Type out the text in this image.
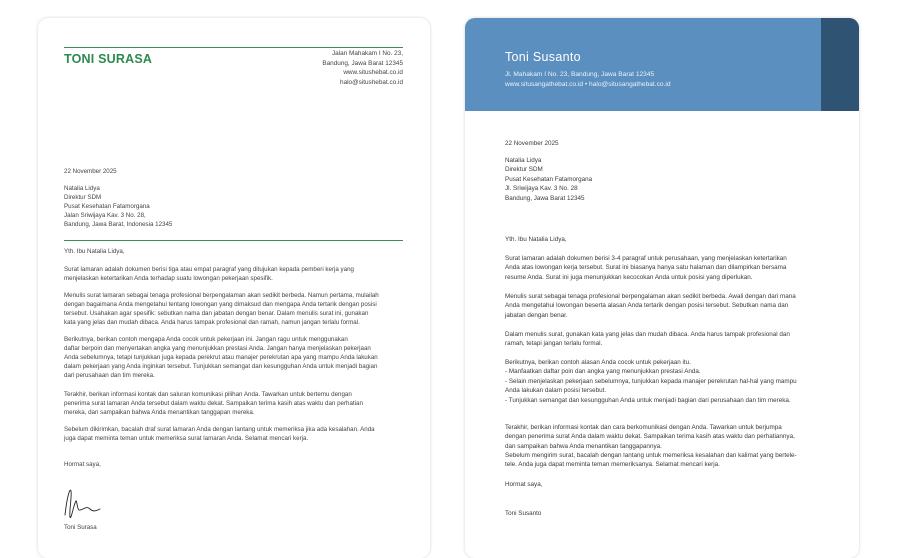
TONI SURASA	Jalan Mahakam I No. 23,
Bandung, Jawa Barat 12345
www.situshebat.co.id
halo@situshebat.co.id
22 November 2025
Natalia Lidya
Direktur SDM
Pusat Kesehatan Fatamorgana
Jalan Sriwijaya Kav. 3 No. 28,
Bandung, Jawa Barat, Indonesia 12345
Yth. Ibu Natalia Lidya,
Surat lamaran adalah dokumen berisi tiga atau empat paragraf yang ditujukan kepada pemberi kerja yang
menjelaskan ketertarikan Anda terhadap suatu lowongan pekerjaan spesifik.
Menulis surat lamaran sebagai tenaga profesional berpengalaman akan sedikit berbeda. Namun pertama, mulailah
dengan bagaimana Anda mengetahui tentang lowongan yang dimaksud dan mengapa Anda tertarik dengan posisi
tersebut. Usahakan agar spesifik: sebutkan nama dan jabatan dengan benar. Dalam menulis surat ini, gunakan
kata yang jelas dan mudah dibaca. Anda harus tampak profesional dan ramah, namun jangan terlalu formal.
Berikutnya, berikan contoh mengapa Anda cocok untuk pekerjaan ini. Jangan ragu untuk menggunakan
daftar berpoin dan menyertakan angka yang menunjukkan prestasi Anda. Jangan hanya menjelaskan pekerjaan
Anda sebelumnya, tetapi tunjukkan juga kepada perekrut atau manajer perekrutan apa yang mampu Anda lakukan
dalam pekerjaan yang Anda inginkan tersebut. Tunjukkan semangat dan kesungguhan Anda untuk menjadi bagian
dari perusahaan dan tim mereka.
Terakhir, berikan informasi kontak dan saluran komunikasi pilihan Anda. Tawarkan untuk bertemu dengan
penerima surat lamaran Anda tersebut dalam waktu dekat. Sampaikan terima kasih atas waktu dan perhatian
mereka, dan sampaikan bahwa Anda menantikan tanggapan mereka.
Sebelum dikirimkan, bacalah draf surat lamaran Anda dengan lantang untuk memeriksa jika ada kesalahan. Anda
juga dapat meminta teman untuk memeriksa surat lamaran Anda. Selamat mencari kerja.
Hormat saya,
Toni Surasa
Toni Susanto
Jl. Mahakam I No. 23, Bandung, Jawa Barat 12345
www.situsangathebat.co.id • halo@situsangathebat.co.id
22 November 2025
Natalia Lidya
Direktur SDM
Pusat Kesehatan Fatamorgana
Jl. Sriwijaya Kav. 3 No. 28
Bandung, Jawa Barat 12345
Yth. Ibu Natalia Lidya,
Surat lamaran adalah dokumen berisi 3-4 paragraf untuk perusahaan, yang menjelaskan ketertarikan
Anda atas lowongan kerja tersebut. Surat ini biasanya hanya satu halaman dan dilampirkan bersama
resume Anda. Surat ini juga menunjukkan kecocokan Anda untuk posisi yang diperlukan.
Menulis surat sebagai tenaga profesional berpengalaman akan sedikit berbeda. Awali dengan dari mana
Anda mengetahui lowongan beserta alasan Anda tertarik dengan posisi tersebut. Sebutkan nama dan
jabatan dengan benar.
Dalam menulis surat, gunakan kata yang jelas dan mudah dibaca. Anda harus tampak profesional dan
ramah, tetapi jangan terlalu formal.
Berikutnya, berikan contoh alasan Anda cocok untuk pekerjaan itu.
- Manfaatkan daftar poin dan angka yang menunjukkan prestasi Anda.
- Selain menjelaskan pekerjaan sebelumnya, tunjukkan kepada manajer perekrutan hal-hal yang mampu
Anda lakukan dalam posisi tersebut.
- Tunjukkan semangat dan kesungguhan Anda untuk menjadi bagian dari perusahaan dan tim mereka.
Terakhir, berikan informasi kontak dan cara berkomunikasi dengan Anda. Tawarkan untuk berjumpa
dengan penerima surat Anda dalam waktu dekat. Sampaikan terima kasih atas waktu dan perhatiannya,
dan sampaikan bahwa Anda menantikan tanggapannya.
Sebelum mengirim surat, bacalah dengan lantang untuk memeriksa kesalahan dan kalimat yang bertele-
tele. Anda juga dapat meminta teman memeriksanya. Selamat mencari kerja.
Hormat saya,
Toni Susanto
